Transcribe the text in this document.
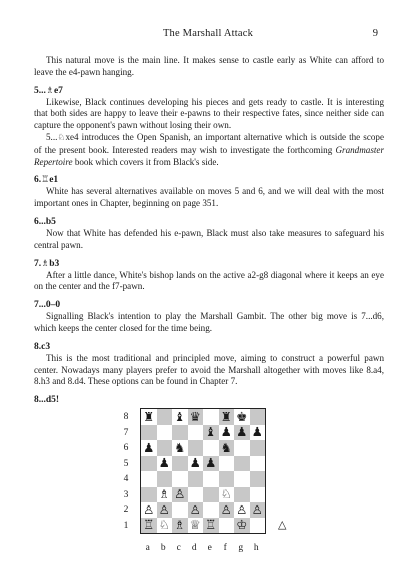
The Marshall Attack	9

This natural move is the main line. It makes sense to castle early as White can afford to leave the e4-pawn hanging.

5...♗e7

Likewise, Black continues developing his pieces and gets ready to castle. It is interesting that both sides are happy to leave their e-pawns to their respective fates, since neither side can capture the opponent's pawn without losing their own.

5...♘xe4 introduces the Open Spanish, an important alternative which is outside the scope of the present book. Interested readers may wish to investigate the forthcoming Grandmaster Repertoire book which covers it from Black's side.

6.♖e1

White has several alternatives available on moves 5 and 6, and we will deal with the most important ones in Chapter, beginning on page 351.

6...b5

Now that White has defended his e-pawn, Black must also take measures to safeguard his central pawn.

7.♗b3

After a little dance, White's bishop lands on the active a2-g8 diagonal where it keeps an eye on the center and the f7-pawn.

7...0–0

Signalling Black's intention to play the Marshall Gambit. The other big move is 7...d6, which keeps the center closed for the time being.

8.c3

This is the most traditional and principled move, aiming to construct a powerful pawn center. Nowadays many players prefer to avoid the Marshall altogether with moves like 8.a4, 8.h3 and 8.d4. These options can be found in Chapter 7.

8...d5!
8
7
6
5
4
3
2
1
♜ ♝ ♛ ♜ ♚
♝ ♟ ♟ ♟
♟ ♞	♞
♟ ♟ ♟
♗ ♙	♘
♙ ♙ ♙ ♙ ♙ ♙
♖ ♘ ♗ ♕ ♖ ♔
a	b	c	d	e	f	g	h
△
